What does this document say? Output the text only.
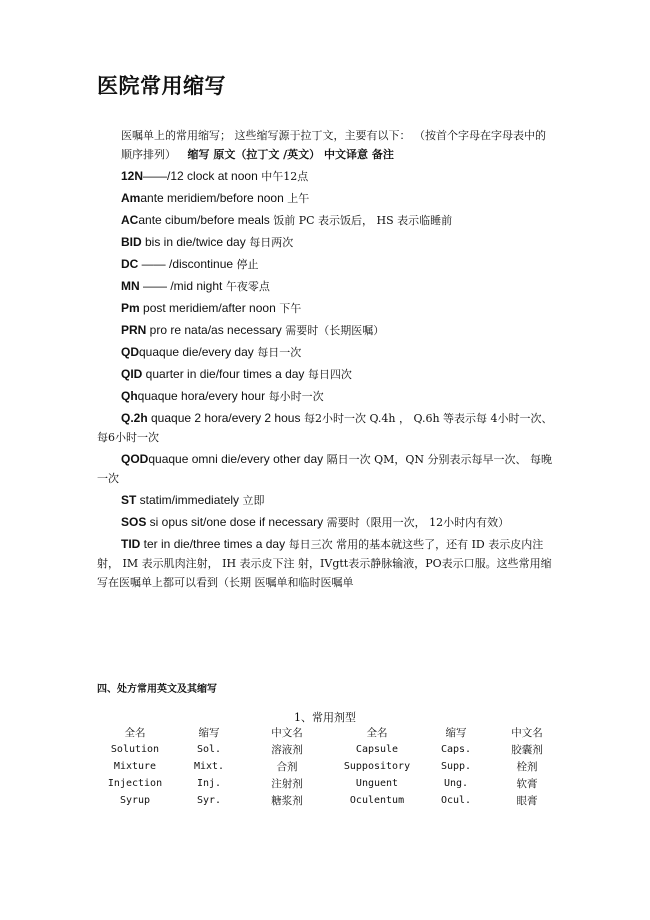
医院常用缩写

医嘱单上的常用缩写； 这些缩写源于拉丁文，主要有以下： （按首个字母在字母表中的顺序排列） 缩写 原文（拉丁文 /英文） 中文译意 备注

12N——/12 clock at noon 中午12点

Amante meridiem/before noon 上午

ACante cibum/before meals 饭前 PC 表示饭后， HS 表示临睡前

BID bis in die/twice day 每日两次

DC —— /discontinue 停止

MN —— /mid night 午夜零点

Pm post meridiem/after noon 下午

PRN pro re nata/as necessary 需要时（长期医嘱）

QDquaque die/every day 每日一次

QID quarter in die/four times a day 每日四次

Qhquaque hora/every hour 每小时一次

Q.2h quaque 2 hora/every 2 hous 每2小时一次 Q.4h ， Q.6h 等表示每 4小时一次、每6小时一次

QODquaque omni die/every other day 隔日一次 QM，QN 分别表示每早一次、 每晚一次

ST statim/immediately 立即

SOS si opus sit/one dose if necessary 需要时（限用一次， 12小时内有效）

TID ter in die/three times a day 每日三次 常用的基本就这些了，还有 ID 表示皮内注射， IM 表示肌肉注射， IH 表示皮下注 射，IVgtt表示静脉输液，PO表示口服。这些常用缩写在医嘱单上都可以看到（长期 医嘱单和临时医嘱单

四、处方常用英文及其缩写
1、常用剂型
全名	缩写	中文名	全名	缩写	中文名
Solution	Sol.	溶液剂	Capsule	Caps.	胶囊剂
Mixture	Mixt.	合剂	Suppository	Supp.	栓剂
Injection	Inj.	注射剂	Unguent	Ung.	软膏
Syrup	Syr.	糖浆剂	Oculentum	Ocul.	眼膏
